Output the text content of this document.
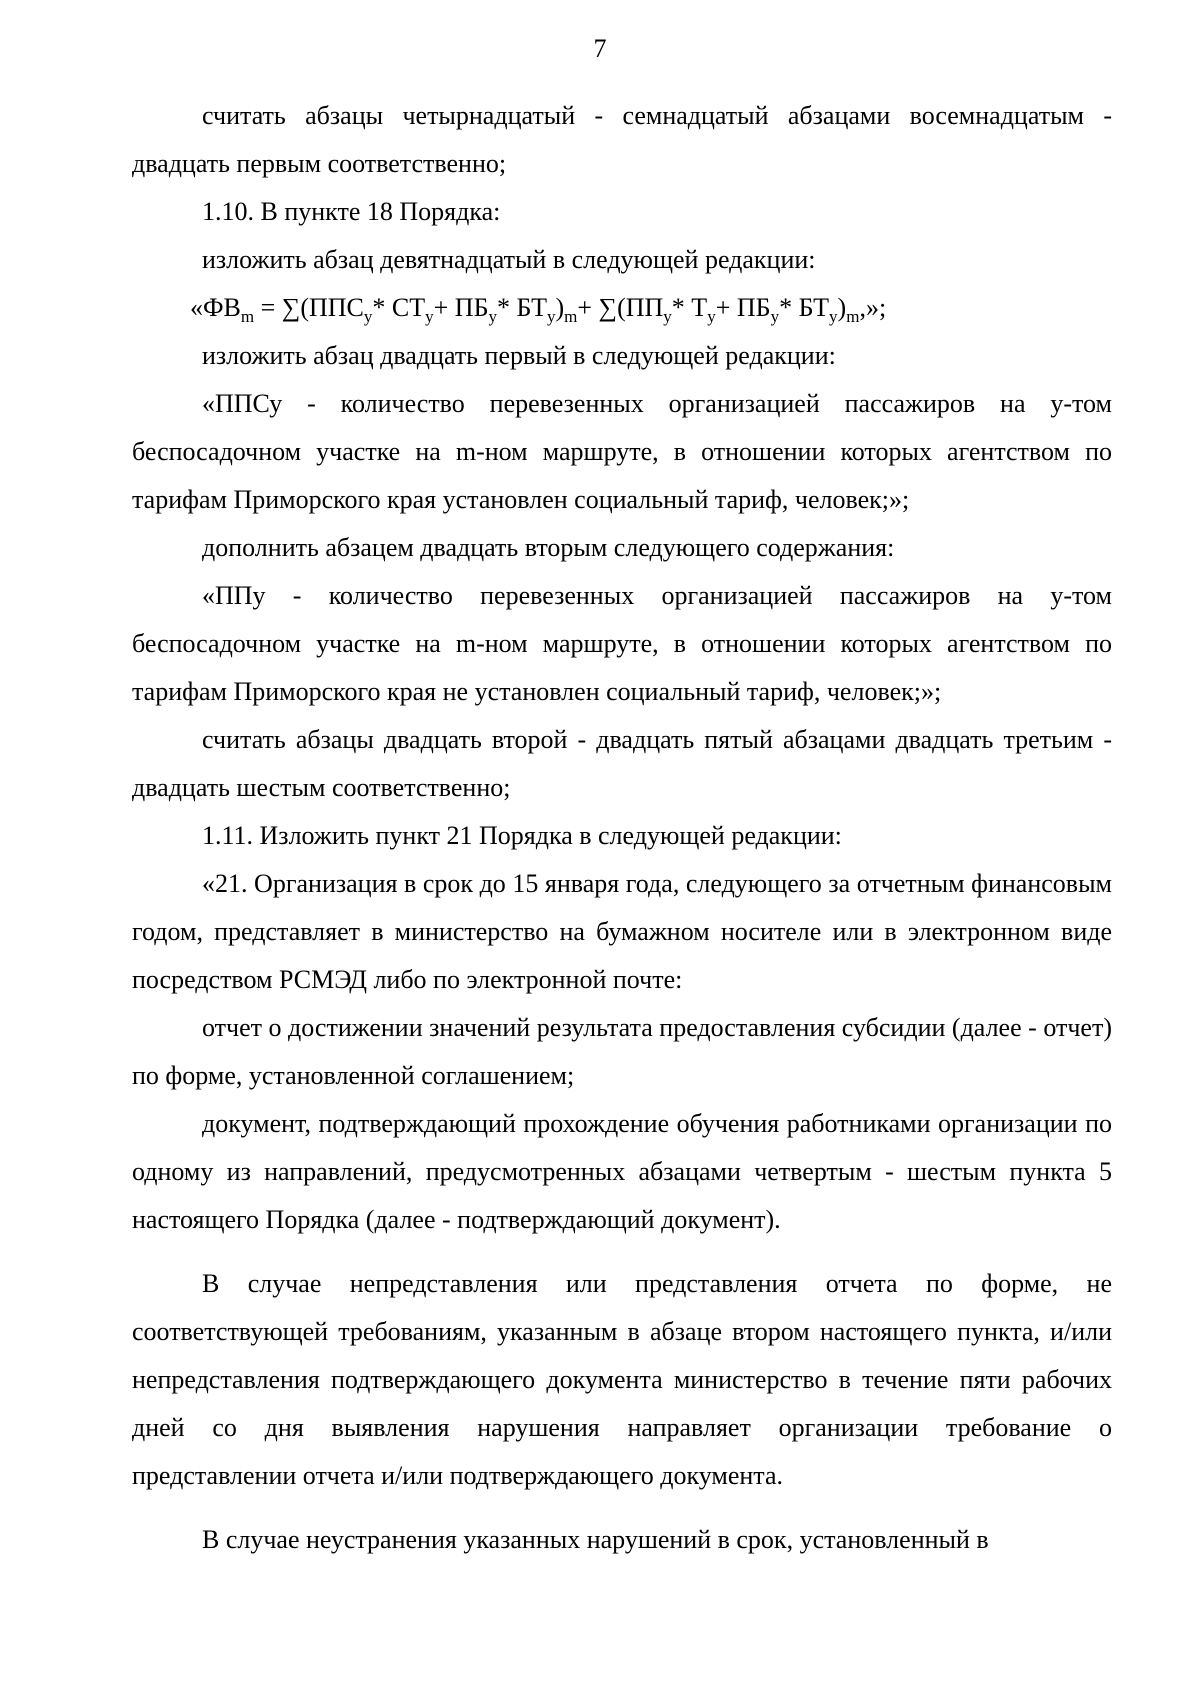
7

считать абзацы четырнадцатый - семнадцатый абзацами восемнадцатым - двадцать первым соответственно;

1.10. В пункте 18 Порядка:

изложить абзац девятнадцатый в следующей редакции:

«$ФВ_m = \sum(ППС_у*$ $СТ_у+ ПБ_у*$ $БТ_у)_m+ \sum(ПП_у*$ $Т_у+ ПБ_у*$ $БТ_у)_m$,»;

изложить абзац двадцать первый в следующей редакции:

«ППСу - количество перевезенных организацией пассажиров на у-том беспосадочном участке на m-ном маршруте, в отношении которых агентством по тарифам Приморского края установлен социальный тариф, человек;»;

дополнить абзацем двадцать вторым следующего содержания:

«ППу - количество перевезенных организацией пассажиров на у-том беспосадочном участке на m-ном маршруте, в отношении которых агентством по тарифам Приморского края не установлен социальный тариф, человек;»;

считать абзацы двадцать второй - двадцать пятый абзацами двадцать третьим - двадцать шестым соответственно;

1.11. Изложить пункт 21 Порядка в следующей редакции:

«21. Организация в срок до 15 января года, следующего за отчетным финансовым годом, представляет в министерство на бумажном носителе или в электронном виде посредством РСМЭД либо по электронной почте:

отчет о достижении значений результата предоставления субсидии (далее - отчет) по форме, установленной соглашением;

документ, подтверждающий прохождение обучения работниками организации по одному из направлений, предусмотренных абзацами четвертым - шестым пункта 5 настоящего Порядка (далее - подтверждающий документ).

В случае непредставления или представления отчета по форме, не соответствующей требованиям, указанным в абзаце втором настоящего пункта, и/или непредставления подтверждающего документа министерство в течение пяти рабочих дней со дня выявления нарушения направляет организации требование о представлении отчета и/или подтверждающего документа.

В случае неустранения указанных нарушений в срок, установленный в
